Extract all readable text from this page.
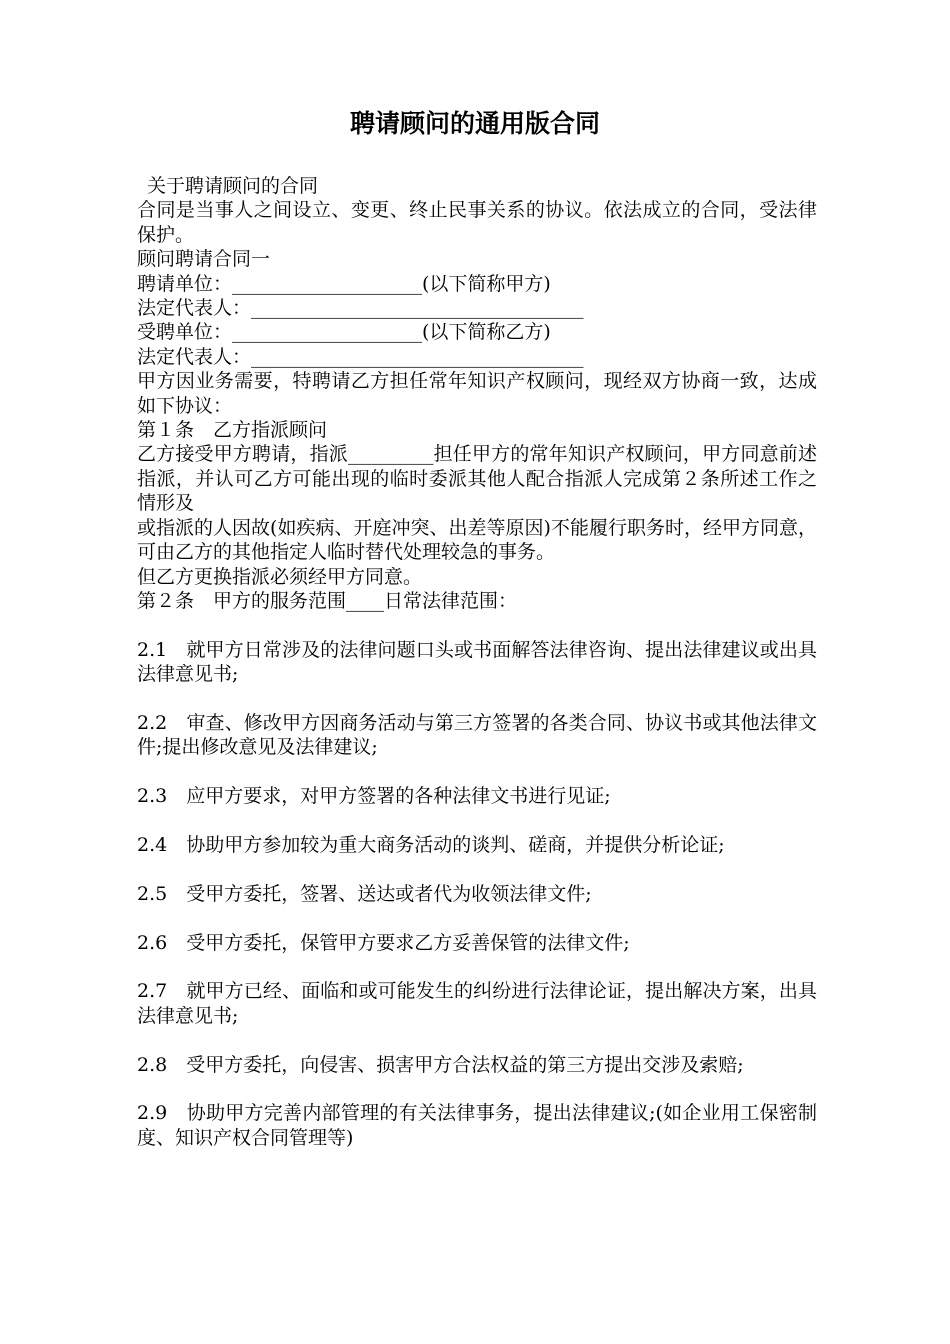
聘请顾问的通用版合同
关于聘请顾问的合同
合同是当事人之间设立、变更、终止民事关系的协议。依法成立的合同，受法律保护。
顾问聘请合同一
聘请单位：____________________(以下简称甲方)
法定代表人：___________________________________
受聘单位：____________________(以下简称乙方)
法定代表人：___________________________________
甲方因业务需要，特聘请乙方担任常年知识产权顾问，现经双方协商一致，达成如下协议：
第１条　乙方指派顾问
乙方接受甲方聘请，指派_________担任甲方的常年知识产权顾问，甲方同意前述指派，并认可乙方可能出现的临时委派其他人配合指派人完成第２条所述工作之情形及
或指派的人因故(如疾病、开庭冲突、出差等原因)不能履行职务时，经甲方同意，可由乙方的其他指定人临时替代处理较急的事务。
但乙方更换指派必须经甲方同意。
第２条　甲方的服务范围____日常法律范围：
2.1　就甲方日常涉及的法律问题口头或书面解答法律咨询、提出法律建议或出具法律意见书;
2.2　审查、修改甲方因商务活动与第三方签署的各类合同、协议书或其他法律文件;提出修改意见及法律建议;
2.3　应甲方要求，对甲方签署的各种法律文书进行见证;
2.4　协助甲方参加较为重大商务活动的谈判、磋商，并提供分析论证;
2.5　受甲方委托，签署、送达或者代为收领法律文件;
2.6　受甲方委托，保管甲方要求乙方妥善保管的法律文件;
2.7　就甲方已经、面临和或可能发生的纠纷进行法律论证，提出解决方案，出具法律意见书;
2.8　受甲方委托，向侵害、损害甲方合法权益的第三方提出交涉及索赔;
2.9　协助甲方完善内部管理的有关法律事务，提出法律建议;(如企业用工保密制度、知识产权合同管理等)
